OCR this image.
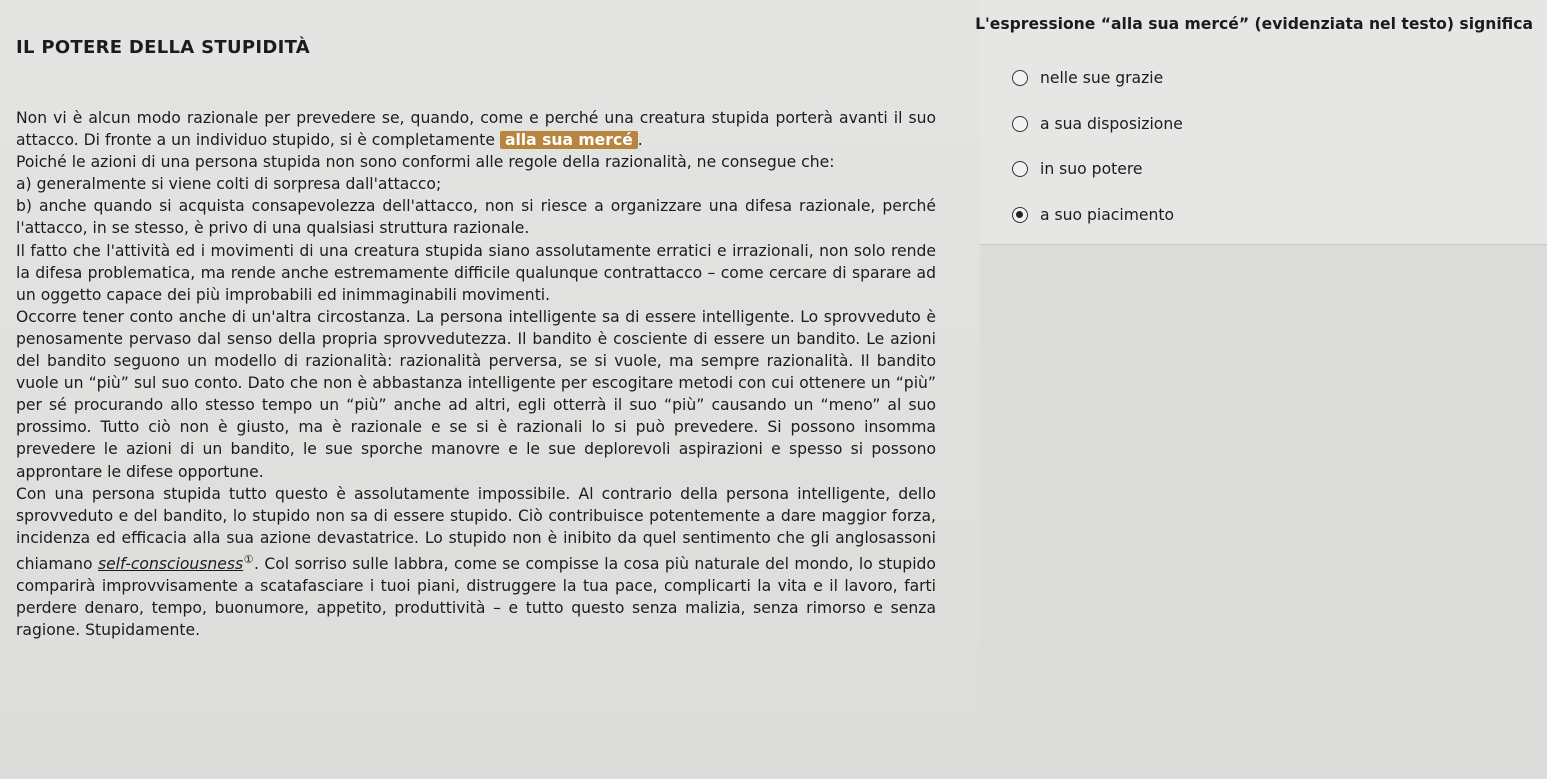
IL POTERE DELLA STUPIDITÀ

Non vi è alcun modo razionale per prevedere se, quando, come e perché una creatura stupida porterà avanti il suo attacco. Di fronte a un individuo stupido, si è completamente alla sua mercé .

Poiché le azioni di una persona stupida non sono conformi alle regole della razionalità, ne consegue che:

a) generalmente si viene colti di sorpresa dall'attacco;

b) anche quando si acquista consapevolezza dell'attacco, non si riesce a organizzare una difesa razionale, perché l'attacco, in se stesso, è privo di una qualsiasi struttura razionale.

Il fatto che l'attività ed i movimenti di una creatura stupida siano assolutamente erratici e irrazionali, non solo rende la difesa problematica, ma rende anche estremamente difficile qualunque contrattacco – come cercare di sparare ad un oggetto capace dei più improbabili ed inimmaginabili movimenti.

Occorre tener conto anche di un'altra circostanza. La persona intelligente sa di essere intelligente. Lo sprovveduto è penosamente pervaso dal senso della propria sprovvedutezza. Il bandito è cosciente di essere un bandito. Le azioni del bandito seguono un modello di razionalità: razionalità perversa, se si vuole, ma sempre razionalità. Il bandito vuole un “più” sul suo conto. Dato che non è abbastanza intelligente per escogitare metodi con cui ottenere un “più” per sé procurando allo stesso tempo un “più” anche ad altri, egli otterrà il suo “più” causando un “meno” al suo prossimo. Tutto ciò non è giusto, ma è razionale e se si è razionali lo si può prevedere. Si possono insomma prevedere le azioni di un bandito, le sue sporche manovre e le sue deplorevoli aspirazioni e spesso si possono approntare le difese opportune.

Con una persona stupida tutto questo è assolutamente impossibile. Al contrario della persona intelligente, dello sprovveduto e del bandito, lo stupido non sa di essere stupido. Ciò contribuisce potentemente a dare maggior forza, incidenza ed efficacia alla sua azione devastatrice. Lo stupido non è inibito da quel sentimento che gli anglosassoni chiamano self-consciousness①. Col sorriso sulle labbra, come se compisse la cosa più naturale del mondo, lo stupido comparirà improvvisamente a scatafasciare i tuoi piani, distruggere la tua pace, complicarti la vita e il lavoro, farti perdere denaro, tempo, buonumore, appetito, produttività – e tutto questo senza malizia, senza rimorso e senza ragione. Stupidamente.

L'espressione “alla sua mercé” (evidenziata nel testo) significa
nelle sue grazie
a sua disposizione
in suo potere
a suo piacimento
